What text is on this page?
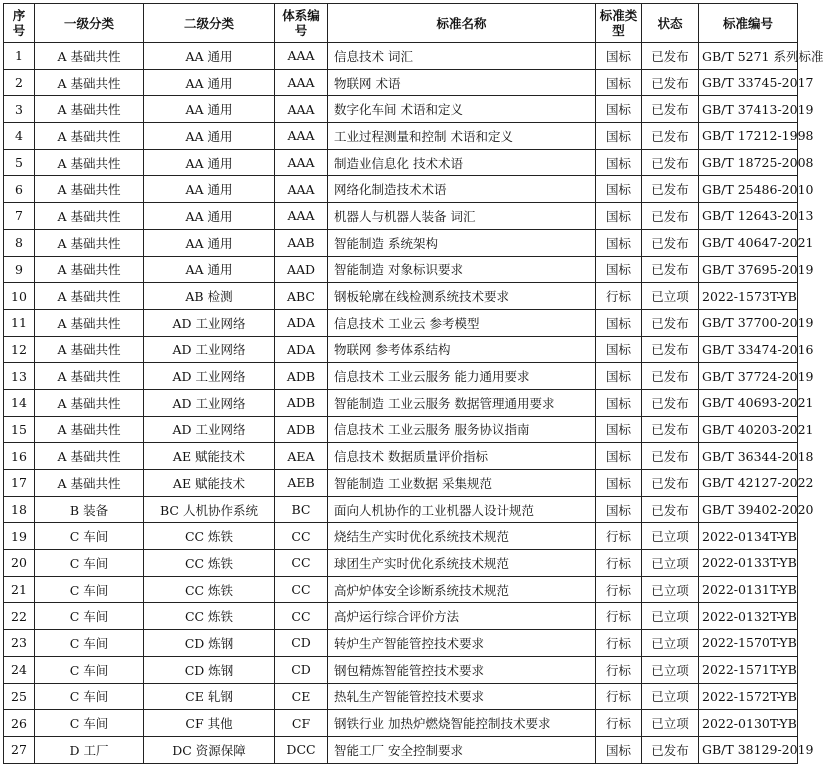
序号	一级分类	二级分类	体系编号	标准名称	标准类型	状态	标准编号
1	A 基础共性	AA 通用	AAA	信息技术 词汇	国标	已发布	GB/T 5271 系列标准
2	A 基础共性	AA 通用	AAA	物联网 术语	国标	已发布	GB/T 33745-2017
3	A 基础共性	AA 通用	AAA	数字化车间 术语和定义	国标	已发布	GB/T 37413-2019
4	A 基础共性	AA 通用	AAA	工业过程测量和控制 术语和定义	国标	已发布	GB/T 17212-1998
5	A 基础共性	AA 通用	AAA	制造业信息化 技术术语	国标	已发布	GB/T 18725-2008
6	A 基础共性	AA 通用	AAA	网络化制造技术术语	国标	已发布	GB/T 25486-2010
7	A 基础共性	AA 通用	AAA	机器人与机器人装备 词汇	国标	已发布	GB/T 12643-2013
8	A 基础共性	AA 通用	AAB	智能制造 系统架构	国标	已发布	GB/T 40647-2021
9	A 基础共性	AA 通用	AAD	智能制造 对象标识要求	国标	已发布	GB/T 37695-2019
10	A 基础共性	AB 检测	ABC	钢板轮廓在线检测系统技术要求	行标	已立项	2022-1573T-YB
11	A 基础共性	AD 工业网络	ADA	信息技术 工业云 参考模型	国标	已发布	GB/T 37700-2019
12	A 基础共性	AD 工业网络	ADA	物联网 参考体系结构	国标	已发布	GB/T 33474-2016
13	A 基础共性	AD 工业网络	ADB	信息技术 工业云服务 能力通用要求	国标	已发布	GB/T 37724-2019
14	A 基础共性	AD 工业网络	ADB	智能制造 工业云服务 数据管理通用要求	国标	已发布	GB/T 40693-2021
15	A 基础共性	AD 工业网络	ADB	信息技术 工业云服务 服务协议指南	国标	已发布	GB/T 40203-2021
16	A 基础共性	AE 赋能技术	AEA	信息技术 数据质量评价指标	国标	已发布	GB/T 36344-2018
17	A 基础共性	AE 赋能技术	AEB	智能制造 工业数据 采集规范	国标	已发布	GB/T 42127-2022
18	B 装备	BC 人机协作系统	BC	面向人机协作的工业机器人设计规范	国标	已发布	GB/T 39402-2020
19	C 车间	CC 炼铁	CC	烧结生产实时优化系统技术规范	行标	已立项	2022-0134T-YB
20	C 车间	CC 炼铁	CC	球团生产实时优化系统技术规范	行标	已立项	2022-0133T-YB
21	C 车间	CC 炼铁	CC	高炉炉体安全诊断系统技术规范	行标	已立项	2022-0131T-YB
22	C 车间	CC 炼铁	CC	高炉运行综合评价方法	行标	已立项	2022-0132T-YB
23	C 车间	CD 炼钢	CD	转炉生产智能管控技术要求	行标	已立项	2022-1570T-YB
24	C 车间	CD 炼钢	CD	钢包精炼智能管控技术要求	行标	已立项	2022-1571T-YB
25	C 车间	CE 轧钢	CE	热轧生产智能管控技术要求	行标	已立项	2022-1572T-YB
26	C 车间	CF 其他	CF	钢铁行业 加热炉燃烧智能控制技术要求	行标	已立项	2022-0130T-YB
27	D 工厂	DC 资源保障	DCC	智能工厂 安全控制要求	国标	已发布	GB/T 38129-2019
